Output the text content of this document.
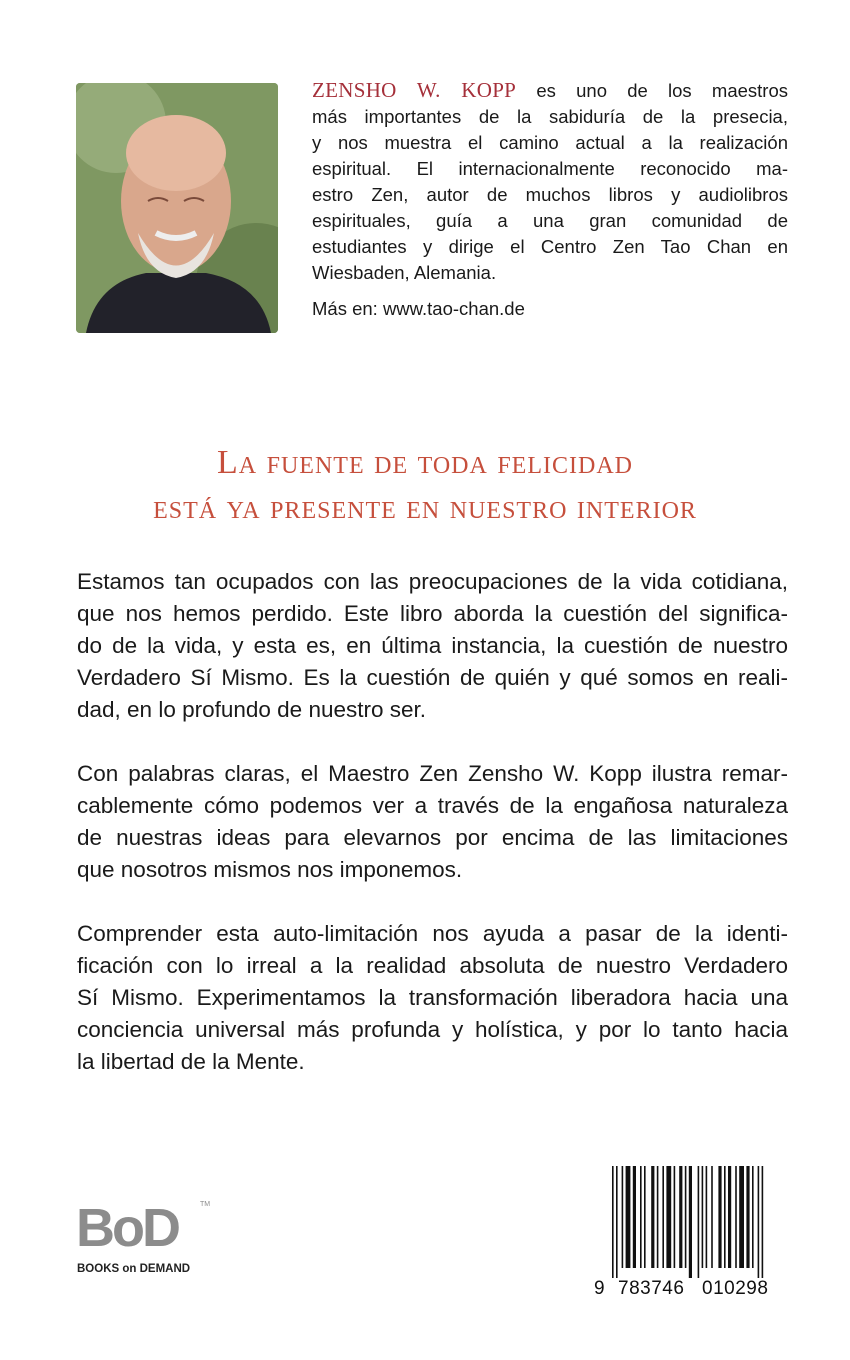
ZENSHO W. KOPP es uno de los maestros
más importantes de la sabiduría de la presecia,
y nos muestra el camino actual a la realización
espiritual. El internacionalmente reconocido ma-
estro Zen, autor de muchos libros y audiolibros
espirituales, guía a una gran comunidad de
estudiantes y dirige el Centro Zen Tao Chan en
Wiesbaden, Alemania.
Más en: www.tao-chan.de
La fuente de toda felicidad
está ya presente en nuestro interior
Estamos tan ocupados con las preocupaciones de la vida cotidiana,
que nos hemos perdido. Este libro aborda la cuestión del significa-
do de la vida, y esta es, en última instancia, la cuestión de nuestro
Verdadero Sí Mismo. Es la cuestión de quién y qué somos en reali-
dad, en lo profundo de nuestro ser.
Con palabras claras, el Maestro Zen Zensho W. Kopp ilustra remar-
cablemente cómo podemos ver a través de la engañosa naturaleza
de nuestras ideas para elevarnos por encima de las limitaciones
que nosotros mismos nos imponemos.
Comprender esta auto-limitación nos ayuda a pasar de la identi-
ficación con lo irreal a la realidad absoluta de nuestro Verdadero
Sí Mismo. Experimentamos la transformación liberadora hacia una
conciencia universal más profunda y holística, y por lo tanto hacia
la libertad de la Mente.
BoD	TM
BOOKS on DEMAND
9 783746 010298
